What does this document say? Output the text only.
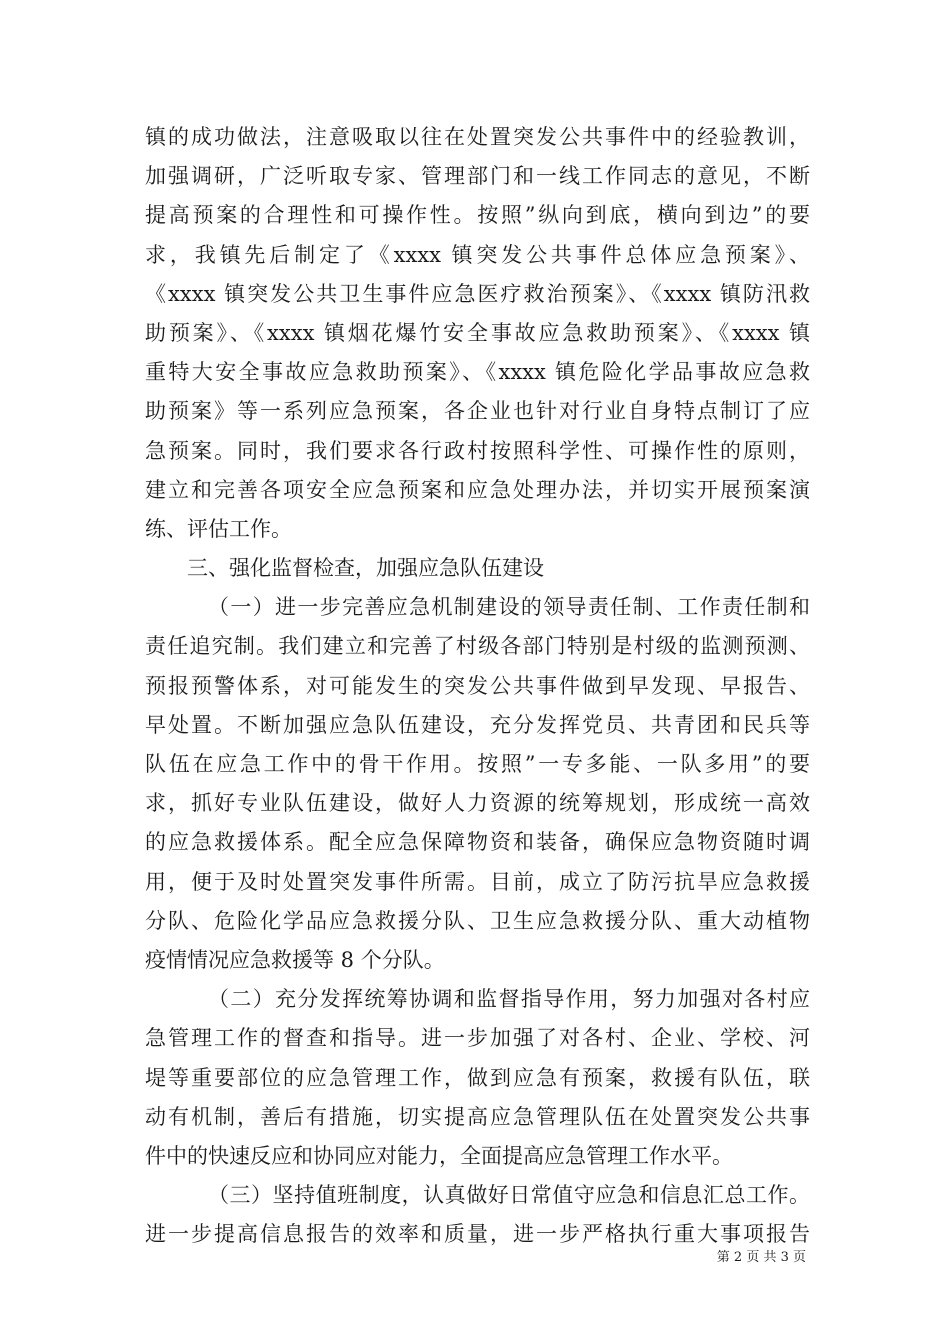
镇的成功做法，注意吸取以往在处置突发公共事件中的经验教训，
加强调研，广泛听取专家、管理部门和一线工作同志的意见，不断
提高预案的合理性和可操作性。按照”纵向到底，横向到边”的要
求，我镇先后制定了《xxxx 镇突发公共事件总体应急预案》、
《xxxx 镇突发公共卫生事件应急医疗救治预案》、《xxxx 镇防汛救
助预案》、《xxxx 镇烟花爆竹安全事故应急救助预案》、《xxxx 镇
重特大安全事故应急救助预案》、《xxxx 镇危险化学品事故应急救
助预案》等一系列应急预案，各企业也针对行业自身特点制订了应
急预案。同时，我们要求各行政村按照科学性、可操作性的原则，
建立和完善各项安全应急预案和应急处理办法，并切实开展预案演
练、评估工作。
三、强化监督检查，加强应急队伍建设
（一）进一步完善应急机制建设的领导责任制、工作责任制和
责任追究制。我们建立和完善了村级各部门特别是村级的监测预测、
预报预警体系，对可能发生的突发公共事件做到早发现、早报告、
早处置。不断加强应急队伍建设，充分发挥党员、共青团和民兵等
队伍在应急工作中的骨干作用。按照”一专多能、一队多用”的要
求，抓好专业队伍建设，做好人力资源的统筹规划，形成统一高效
的应急救援体系。配全应急保障物资和装备，确保应急物资随时调
用，便于及时处置突发事件所需。目前，成立了防污抗旱应急救援
分队、危险化学品应急救援分队、卫生应急救援分队、重大动植物
疫情情况应急救援等 8 个分队。
（二）充分发挥统筹协调和监督指导作用，努力加强对各村应
急管理工作的督查和指导。进一步加强了对各村、企业、学校、河
堤等重要部位的应急管理工作，做到应急有预案，救援有队伍，联
动有机制，善后有措施，切实提高应急管理队伍在处置突发公共事
件中的快速反应和协同应对能力，全面提高应急管理工作水平。
（三）坚持值班制度，认真做好日常值守应急和信息汇总工作。
进一步提高信息报告的效率和质量，进一步严格执行重大事项报告
第 2 页 共 3 页
